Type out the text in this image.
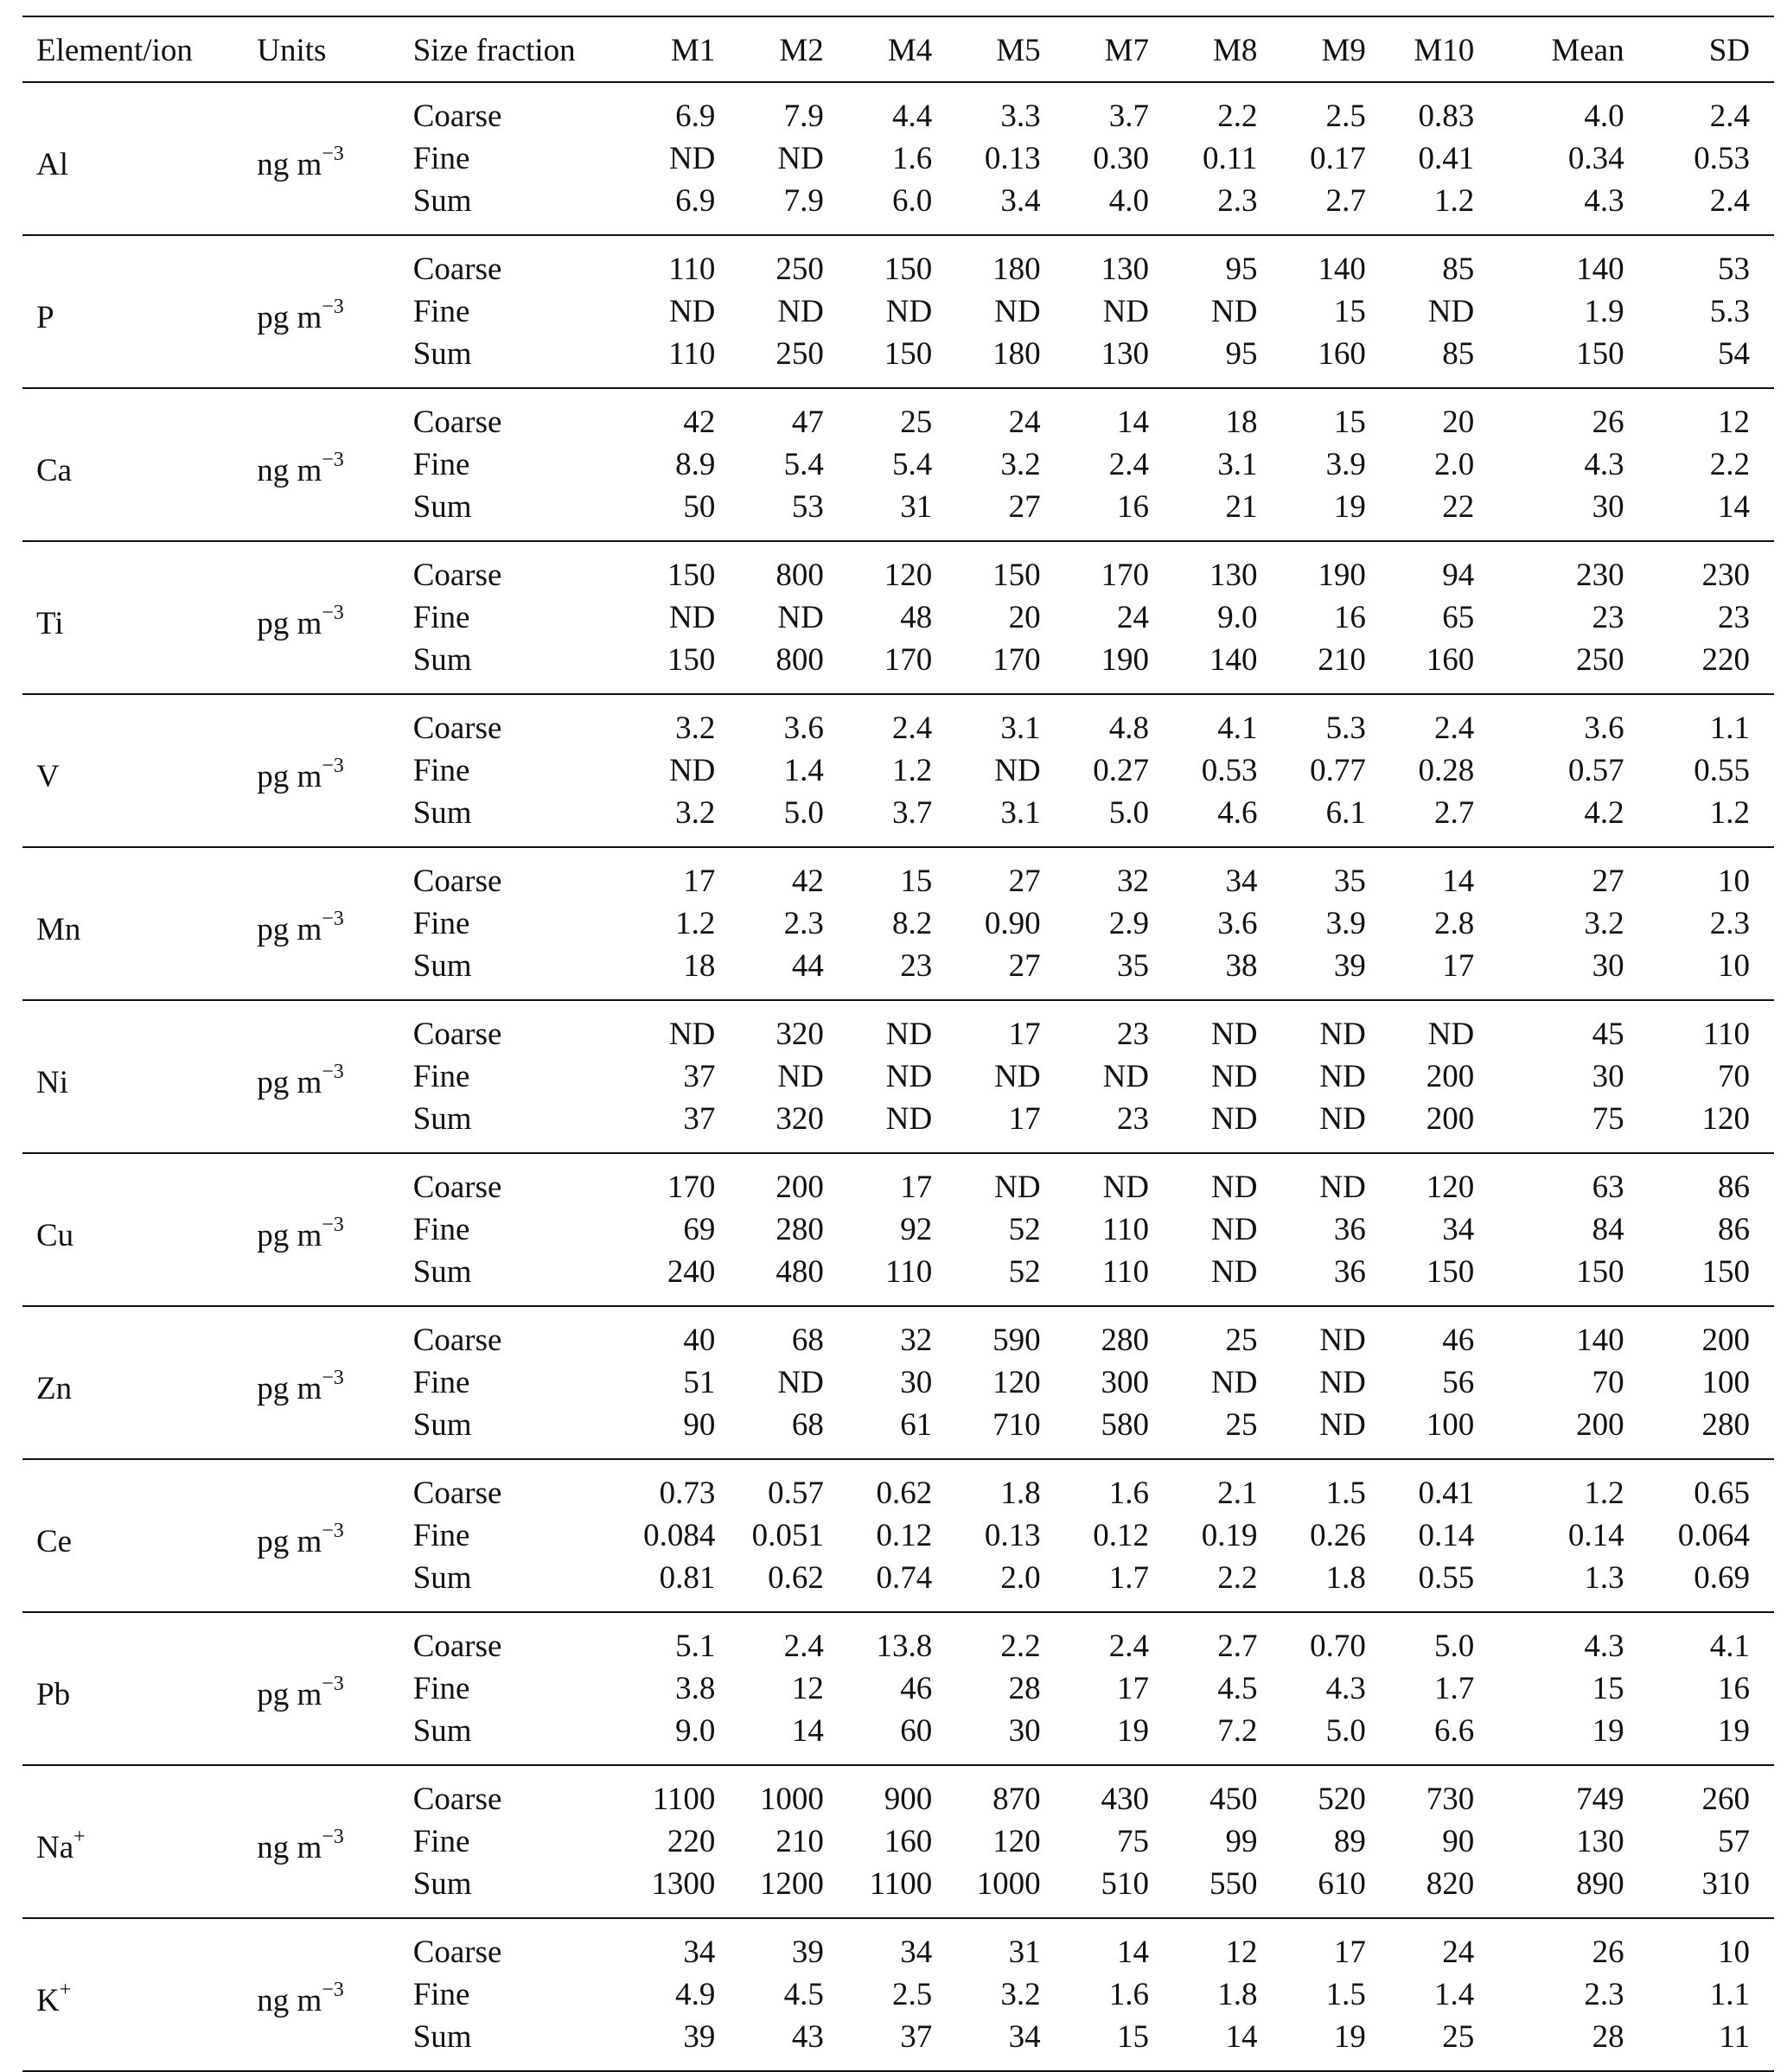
Element/ion	Units	Size fraction	M1	M2	M4	M5	M7	M8	M9	M10	Mean	SD
Al	ng $m^{-3}$	Coarse	6.9	7.9	4.4	3.3	3.7	2.2	2.5	0.83	4.0	2.4
		Fine	ND	ND	1.6	0.13	0.30	0.11	0.17	0.41	0.34	0.53
		Sum	6.9	7.9	6.0	3.4	4.0	2.3	2.7	1.2	4.3	2.4
P	pg $m^{-3}$	Coarse	110	250	150	180	130	95	140	85	140	53
		Fine	ND	ND	ND	ND	ND	ND	15	ND	1.9	5.3
		Sum	110	250	150	180	130	95	160	85	150	54
Ca	ng $m^{-3}$	Coarse	42	47	25	24	14	18	15	20	26	12
		Fine	8.9	5.4	5.4	3.2	2.4	3.1	3.9	2.0	4.3	2.2
		Sum	50	53	31	27	16	21	19	22	30	14
Ti	pg $m^{-3}$	Coarse	150	800	120	150	170	130	190	94	230	230
		Fine	ND	ND	48	20	24	9.0	16	65	23	23
		Sum	150	800	170	170	190	140	210	160	250	220
V	pg $m^{-3}$	Coarse	3.2	3.6	2.4	3.1	4.8	4.1	5.3	2.4	3.6	1.1
		Fine	ND	1.4	1.2	ND	0.27	0.53	0.77	0.28	0.57	0.55
		Sum	3.2	5.0	3.7	3.1	5.0	4.6	6.1	2.7	4.2	1.2
Mn	pg $m^{-3}$	Coarse	17	42	15	27	32	34	35	14	27	10
		Fine	1.2	2.3	8.2	0.90	2.9	3.6	3.9	2.8	3.2	2.3
		Sum	18	44	23	27	35	38	39	17	30	10
Ni	pg $m^{-3}$	Coarse	ND	320	ND	17	23	ND	ND	ND	45	110
		Fine	37	ND	ND	ND	ND	ND	ND	200	30	70
		Sum	37	320	ND	17	23	ND	ND	200	75	120
Cu	pg $m^{-3}$	Coarse	170	200	17	ND	ND	ND	ND	120	63	86
		Fine	69	280	92	52	110	ND	36	34	84	86
		Sum	240	480	110	52	110	ND	36	150	150	150
Zn	pg $m^{-3}$	Coarse	40	68	32	590	280	25	ND	46	140	200
		Fine	51	ND	30	120	300	ND	ND	56	70	100
		Sum	90	68	61	710	580	25	ND	100	200	280
Ce	pg $m^{-3}$	Coarse	0.73	0.57	0.62	1.8	1.6	2.1	1.5	0.41	1.2	0.65
		Fine	0.084	0.051	0.12	0.13	0.12	0.19	0.26	0.14	0.14	0.064
		Sum	0.81	0.62	0.74	2.0	1.7	2.2	1.8	0.55	1.3	0.69
Pb	pg $m^{-3}$	Coarse	5.1	2.4	13.8	2.2	2.4	2.7	0.70	5.0	4.3	4.1
		Fine	3.8	12	46	28	17	4.5	4.3	1.7	15	16
		Sum	9.0	14	60	30	19	7.2	5.0	6.6	19	19
Na+	ng $m^{-3}$	Coarse	1100	1000	900	870	430	450	520	730	749	260
		Fine	220	210	160	120	75	99	89	90	130	57
		Sum	1300	1200	1100	1000	510	550	610	820	890	310
K+	ng $m^{-3}$	Coarse	34	39	34	31	14	12	17	24	26	10
		Fine	4.9	4.5	2.5	3.2	1.6	1.8	1.5	1.4	2.3	1.1
		Sum	39	43	37	34	15	14	19	25	28	11
